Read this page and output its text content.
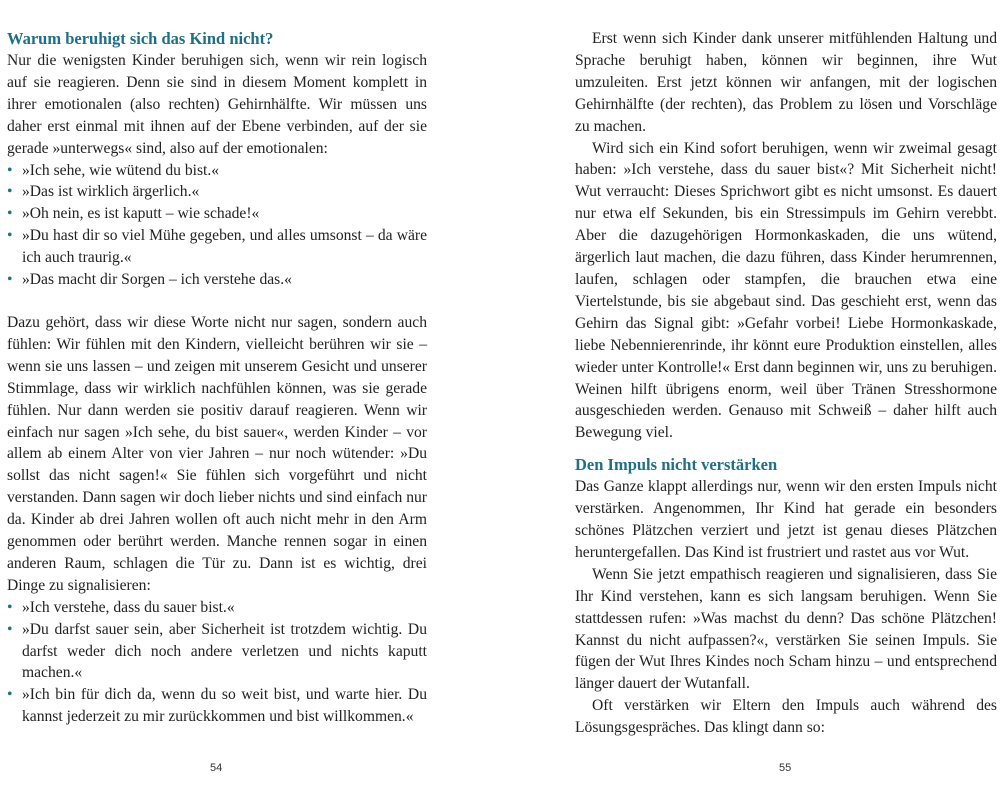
Warum beruhigt sich das Kind nicht?

Nur die wenigsten Kinder beruhigen sich, wenn wir rein logisch auf sie reagieren. Denn sie sind in diesem Moment komplett in ihrer emotionalen (also rechten) Gehirnhälfte. Wir müssen uns daher erst einmal mit ihnen auf der Ebene verbinden, auf der sie gerade »unterwegs« sind, also auf der emotionalen:

• »Ich sehe, wie wütend du bist.«
• »Das ist wirklich ärgerlich.«
• »Oh nein, es ist kaputt – wie schade!«
• »Du hast dir so viel Mühe gegeben, und alles umsonst – da wäre ich auch traurig.«
• »Das macht dir Sorgen – ich verstehe das.«

Dazu gehört, dass wir diese Worte nicht nur sagen, sondern auch fühlen: Wir fühlen mit den Kindern, vielleicht berühren wir sie – wenn sie uns lassen – und zeigen mit unserem Gesicht und unserer Stimmlage, dass wir wirklich nachfühlen können, was sie gerade fühlen. Nur dann werden sie positiv darauf reagieren. Wenn wir einfach nur sagen »Ich sehe, du bist sauer«, werden Kinder – vor allem ab einem Alter von vier Jahren – nur noch wütender: »Du sollst das nicht sagen!« Sie fühlen sich vorgeführt und nicht verstanden. Dann sagen wir doch lieber nichts und sind einfach nur da. Kinder ab drei Jahren wollen oft auch nicht mehr in den Arm genommen oder berührt werden. Manche rennen sogar in einen anderen Raum, schlagen die Tür zu. Dann ist es wichtig, drei Dinge zu signalisieren:

• »Ich verstehe, dass du sauer bist.«
• »Du darfst sauer sein, aber Sicherheit ist trotzdem wichtig. Du darfst weder dich noch andere verletzen und nichts kaputt machen.«
• »Ich bin für dich da, wenn du so weit bist, und warte hier. Du kannst jederzeit zu mir zurückkommen und bist willkommen.«
54

Erst wenn sich Kinder dank unserer mitfühlenden Haltung und Sprache beruhigt haben, können wir beginnen, ihre Wut umzuleiten. Erst jetzt können wir anfangen, mit der logischen Gehirnhälfte (der rechten), das Problem zu lösen und Vorschläge zu machen.

Wird sich ein Kind sofort beruhigen, wenn wir zweimal gesagt haben: »Ich verstehe, dass du sauer bist«? Mit Sicherheit nicht! Wut verraucht: Dieses Sprichwort gibt es nicht umsonst. Es dauert nur etwa elf Sekunden, bis ein Stressimpuls im Gehirn verebbt. Aber die dazugehörigen Hormonkaskaden, die uns wütend, ärgerlich laut machen, die dazu führen, dass Kinder herumrennen, laufen, schlagen oder stampfen, die brauchen etwa eine Viertelstunde, bis sie abgebaut sind. Das geschieht erst, wenn das Gehirn das Signal gibt: »Gefahr vorbei! Liebe Hormonkaskade, liebe Nebennierenrinde, ihr könnt eure Produktion einstellen, alles wieder unter Kontrolle!« Erst dann beginnen wir, uns zu beruhigen. Weinen hilft übrigens enorm, weil über Tränen Stresshormone ausgeschieden werden. Genauso mit Schweiß – daher hilft auch Bewegung viel.

Den Impuls nicht verstärken

Das Ganze klappt allerdings nur, wenn wir den ersten Impuls nicht verstärken. Angenommen, Ihr Kind hat gerade ein besonders schönes Plätzchen verziert und jetzt ist genau dieses Plätzchen heruntergefallen. Das Kind ist frustriert und rastet aus vor Wut.

Wenn Sie jetzt empathisch reagieren und signalisieren, dass Sie Ihr Kind verstehen, kann es sich langsam beruhigen. Wenn Sie stattdessen rufen: »Was machst du denn? Das schöne Plätzchen! Kannst du nicht aufpassen?«, verstärken Sie seinen Impuls. Sie fügen der Wut Ihres Kindes noch Scham hinzu – und entsprechend länger dauert der Wutanfall.

Oft verstärken wir Eltern den Impuls auch während des Lösungsgespräches. Das klingt dann so:

55
